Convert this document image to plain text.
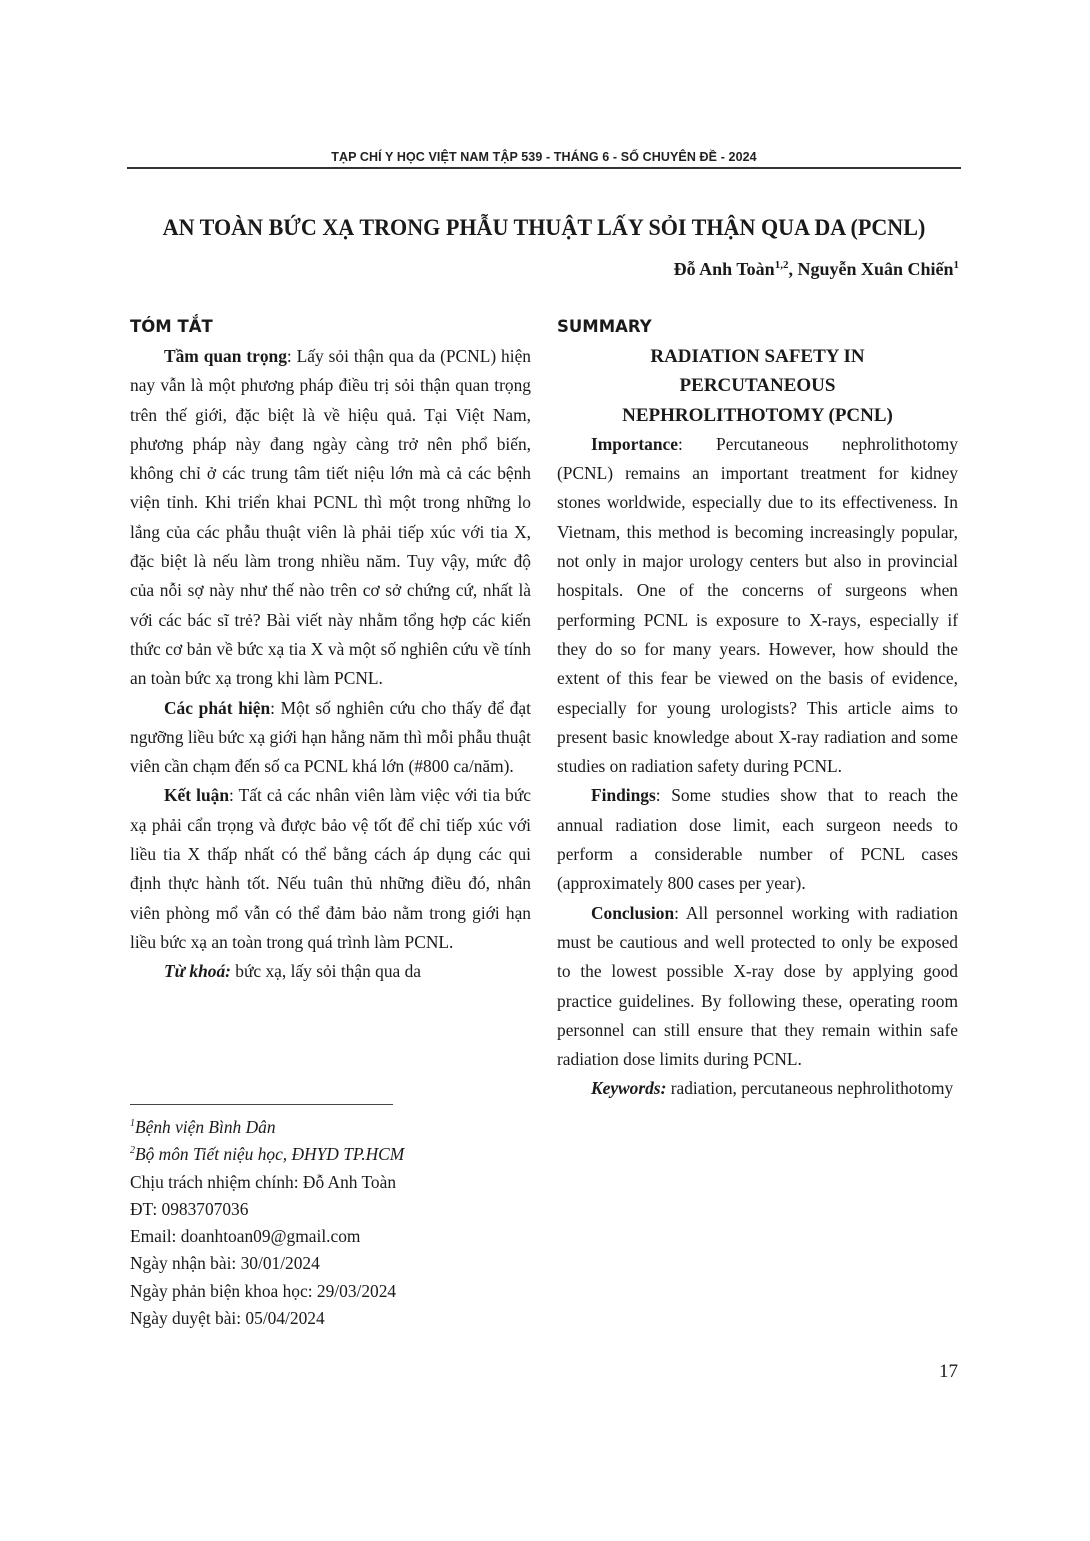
TẠP CHÍ Y HỌC VIỆT NAM TẬP 539 - THÁNG 6 - SỐ CHUYÊN ĐỀ - 2024
AN TOÀN BỨC XẠ TRONG PHẪU THUẬT LẤY SỎI THẬN QUA DA (PCNL)
Đỗ Anh Toàn$^{1,2}$, Nguyễn Xuân Chiến$^1$
TÓM TẮT

Tầm quan trọng: Lấy sỏi thận qua da (PCNL) hiện nay vẫn là một phương pháp điều trị sỏi thận quan trọng trên thế giới, đặc biệt là về hiệu quả. Tại Việt Nam, phương pháp này đang ngày càng trở nên phổ biến, không chỉ ở các trung tâm tiết niệu lớn mà cả các bệnh viện tỉnh. Khi triển khai PCNL thì một trong những lo lắng của các phẫu thuật viên là phải tiếp xúc với tia X, đặc biệt là nếu làm trong nhiều năm. Tuy vậy, mức độ của nỗi sợ này như thế nào trên cơ sở chứng cứ, nhất là với các bác sĩ trẻ? Bài viết này nhằm tổng hợp các kiến thức cơ bản về bức xạ tia X và một số nghiên cứu về tính an toàn bức xạ trong khi làm PCNL.

Các phát hiện: Một số nghiên cứu cho thấy để đạt ngưỡng liều bức xạ giới hạn hằng năm thì mỗi phẫu thuật viên cần chạm đến số ca PCNL khá lớn (#800 ca/năm).

Kết luận: Tất cả các nhân viên làm việc với tia bức xạ phải cẩn trọng và được bảo vệ tốt để chỉ tiếp xúc với liều tia X thấp nhất có thể bằng cách áp dụng các qui định thực hành tốt. Nếu tuân thủ những điều đó, nhân viên phòng mổ vẫn có thể đảm bảo nằm trong giới hạn liều bức xạ an toàn trong quá trình làm PCNL.

Từ khoá: bức xạ, lấy sỏi thận qua da

SUMMARY
RADIATION SAFETY IN
PERCUTANEOUS
NEPHROLITHOTOMY (PCNL)

Importance: Percutaneous nephrolithotomy (PCNL) remains an important treatment for kidney stones worldwide, especially due to its effectiveness. In Vietnam, this method is becoming increasingly popular, not only in major urology centers but also in provincial hospitals. One of the concerns of surgeons when performing PCNL is exposure to X-rays, especially if they do so for many years. However, how should the extent of this fear be viewed on the basis of evidence, especially for young urologists? This article aims to present basic knowledge about X-ray radiation and some studies on radiation safety during PCNL.

Findings: Some studies show that to reach the annual radiation dose limit, each surgeon needs to perform a considerable number of PCNL cases (approximately 800 cases per year).

Conclusion: All personnel working with radiation must be cautious and well protected to only be exposed to the lowest possible X-ray dose by applying good practice guidelines. By following these, operating room personnel can still ensure that they remain within safe radiation dose limits during PCNL.

Keywords: radiation, percutaneous nephrolithotomy

$^1$Bệnh viện Bình Dân
$^2$Bộ môn Tiết niệu học, ĐHYD TP.HCM
Chịu trách nhiệm chính: Đỗ Anh Toàn
ĐT: 0983707036
Email: doanhtoan09@gmail.com
Ngày nhận bài: 30/01/2024
Ngày phản biện khoa học: 29/03/2024
Ngày duyệt bài: 05/04/2024
17
